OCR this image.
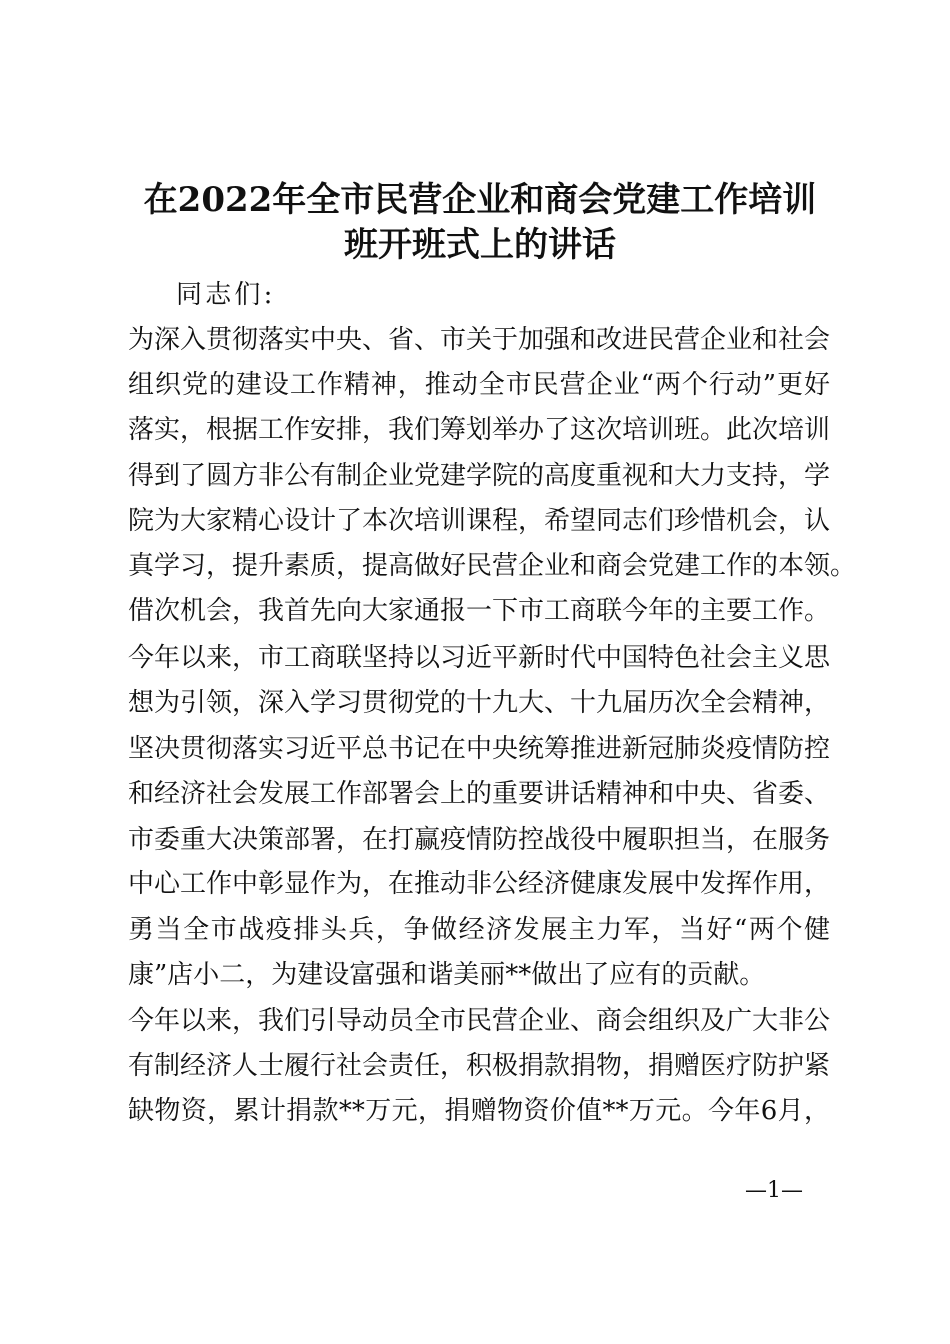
在2022年全市民营企业和商会党建工作培训
班开班式上的讲话
同志们:
为深入贯彻落实中央、省、市关于加强和改进民营企业和社会
组织党的建设工作精神，推动全市民营企业“两个行动”更好
落实，根据工作安排，我们筹划举办了这次培训班。此次培训
得到了圆方非公有制企业党建学院的高度重视和大力支持，学
院为大家精心设计了本次培训课程，希望同志们珍惜机会，认
真学习，提升素质，提高做好民营企业和商会党建工作的本领。
借次机会，我首先向大家通报一下市工商联今年的主要工作。
今年以来，市工商联坚持以习近平新时代中国特色社会主义思
想为引领，深入学习贯彻党的十九大、十九届历次全会精神，
坚决贯彻落实习近平总书记在中央统筹推进新冠肺炎疫情防控
和经济社会发展工作部署会上的重要讲话精神和中央、省委、
市委重大决策部署，在打赢疫情防控战役中履职担当，在服务
中心工作中彰显作为，在推动非公经济健康发展中发挥作用，
勇当全市战疫排头兵，争做经济发展主力军，当好“两个健
康”店小二，为建设富强和谐美丽**做出了应有的贡献。
今年以来，我们引导动员全市民营企业、商会组织及广大非公
有制经济人士履行社会责任，积极捐款捐物，捐赠医疗防护紧
缺物资，累计捐款**万元，捐赠物资价值**万元。今年6月，
—1—
